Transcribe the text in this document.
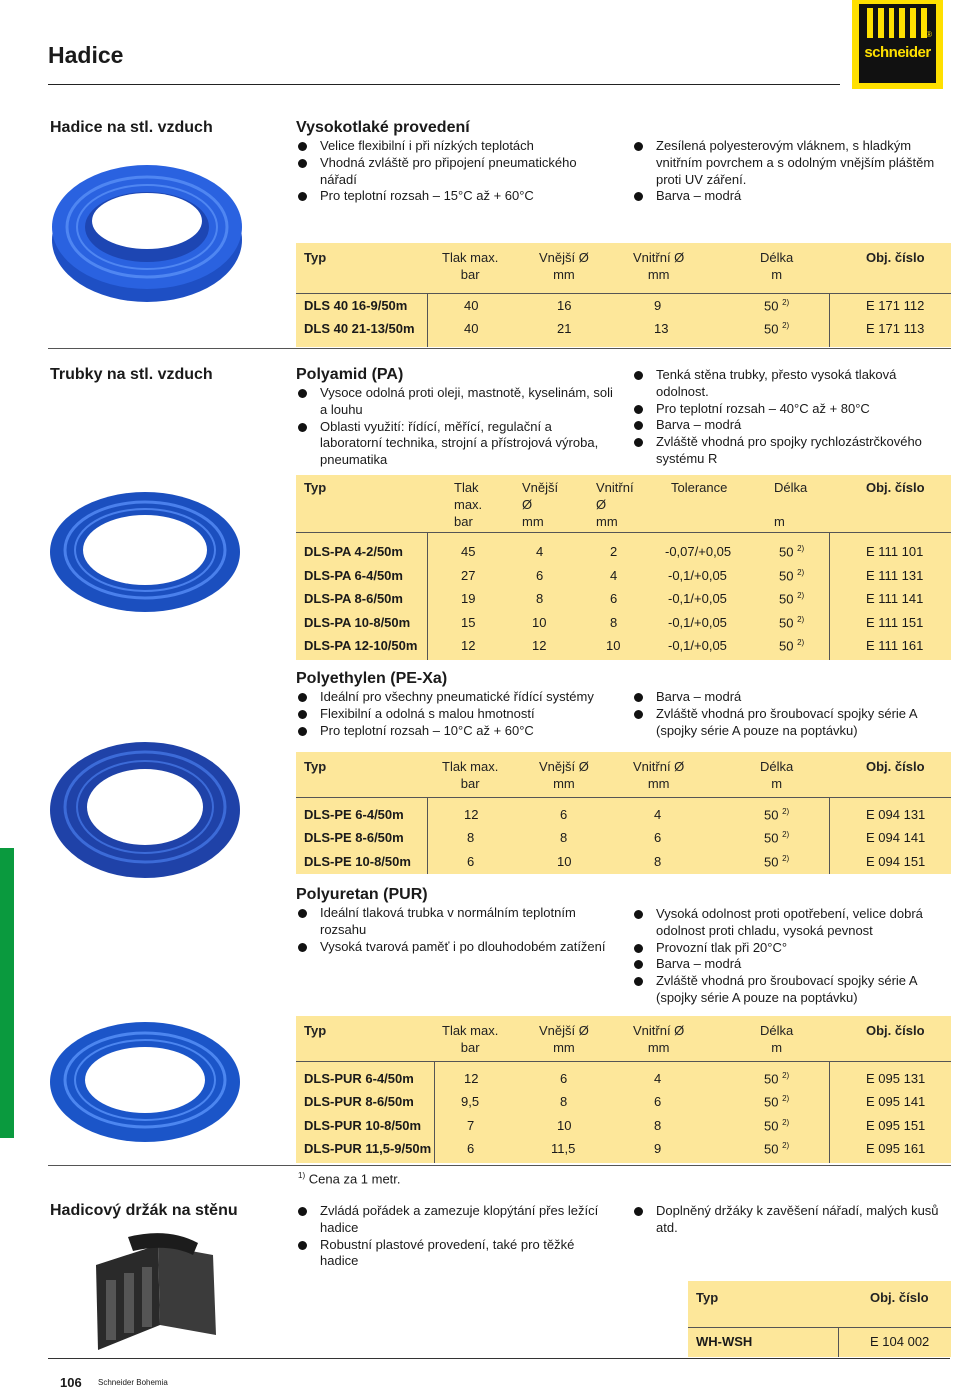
Hadice
®
schneider
Hadice na stl. vzduch	Vysokotlaké provedení
Velice flexibilní i při nízkých teplotách
Vhodná zvláště pro připojení pneumatického nářadí
Pro teplotní rozsah – 15°C až + 60°C
Zesílená polyesterovým vláknem, s hladkým vnitřním povrchem a s odolným vnějším pláštěm proti UV záření.
Barva – modrá
Typ	Tlak max.
bar
Vnější Ø
mm
Vnitřní Ø
mm
Délka
m
Obj. číslo
DLS 40 16-9/50m	40	16	9	50 $^{2)}$	E 171 112
DLS 40 21-13/50m	40	21	13	50 $^{2)}$	E 171 113
Trubky na stl. vzduch	Polyamid (PA)
Vysoce odolná proti oleji, mastnotě, kyselinám, soli a louhu
Oblasti využití: řídící, měřící, regulační a laboratorní technika, strojní a přístrojová výroba, pneumatika
Tenká stěna trubky, přesto vysoká tlaková odolnost.
Pro teplotní rozsah – 40°C až + 80°C
Barva – modrá
Zvláště vhodná pro spojky rychlozástrčkového systému R
Typ	Tlak
max.
bar
Vnější
Ø
mm
Vnitřní
Ø
mm
Tolerance	Délka

m
Obj. číslo
DLS-PA 4-2/50m	45	4	2	-0,07/+0,05	50 $^{2)}$	E 111 101
DLS-PA 6-4/50m	27	6	4	-0,1/+0,05	50 $^{2)}$	E 111 131
DLS-PA 8-6/50m	19	8	6	-0,1/+0,05	50 $^{2)}$	E 111 141
DLS-PA 10-8/50m	15	10	8	-0,1/+0,05	50 $^{2)}$	E 111 151
DLS-PA 12-10/50m	12	12	10	-0,1/+0,05	50 $^{2)}$	E 111 161
Polyethylen (PE-Xa)
Ideální pro všechny pneumatické řídící systémy
Flexibilní a odolná s malou hmotností
Pro teplotní rozsah – 10°C až + 60°C
Barva – modrá
Zvláště vhodná pro šroubovací spojky série A (spojky série A pouze na poptávku)
Typ	Tlak max.
bar
Vnější Ø
mm
Vnitřní Ø
mm
Délka
m
Obj. číslo
DLS-PE 6-4/50m	12	6	4	50 $^{2)}$	E 094 131
DLS-PE 8-6/50m	8	8	6	50 $^{2)}$	E 094 141
DLS-PE 10-8/50m	6	10	8	50 $^{2)}$	E 094 151
Polyuretan (PUR)
Ideální tlaková trubka v normálním teplotním rozsahu
Vysoká tvarová paměť i po dlouhodobém zatížení
Vysoká odolnost proti opotřebení, velice dobrá odolnost proti chladu, vysoká pevnost
Provozní tlak při 20°C°
Barva – modrá
Zvláště vhodná pro šroubovací spojky série A (spojky série A pouze na poptávku)
Typ	Tlak max.
bar
Vnější Ø
mm
Vnitřní Ø
mm
Délka
m
Obj. číslo
DLS-PUR 6-4/50m	12	6	4	50 $^{2)}$	E 095 131
DLS-PUR 8-6/50m	9,5	8	6	50 $^{2)}$	E 095 141
DLS-PUR 10-8/50m	7	10	8	50 $^{2)}$	E 095 151
DLS-PUR 11,5-9/50m	6	11,5	9	50 $^{2)}$	E 095 161
$^{1)}$ Cena za 1 metr.
Hadicový držák na stěnu	Zvládá pořádek a zamezuje klopýtání přes ležící hadice
Robustní plastové provedení, také pro těžké hadice
Doplněný držáky k zavěšení nářadí, malých kusů atd.
Typ	Obj. číslo
WH-WSH	E 104 002
106 Schneider Bohemia
